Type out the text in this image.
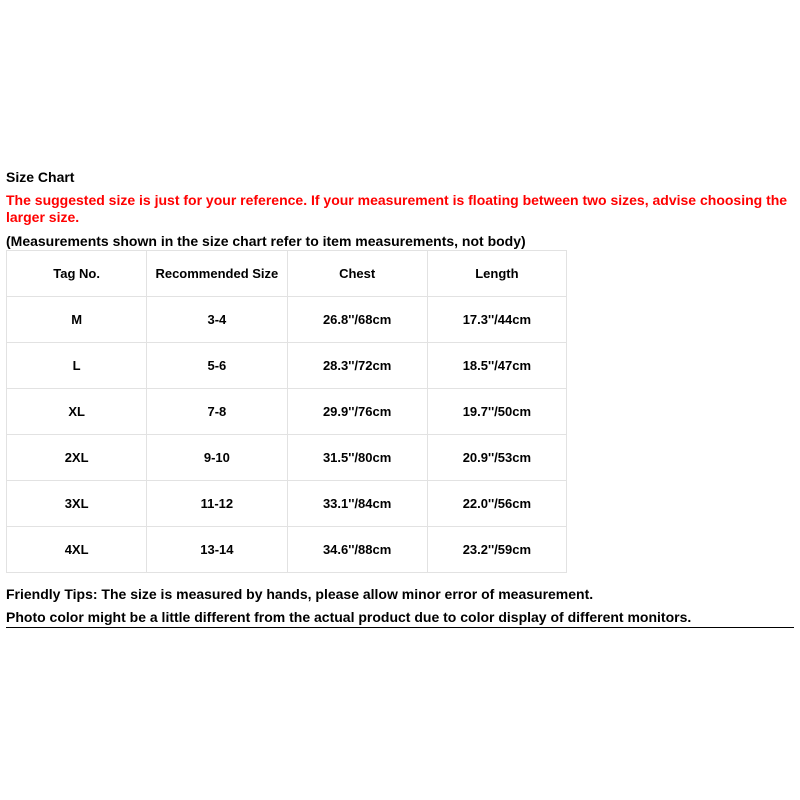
Size Chart
The suggested size is just for your reference. If your measurement is floating between two sizes, advise choosing the larger size.
(Measurements shown in the size chart refer to item measurements, not body)
Tag No.	Recommended Size	Chest	Length
M	3-4	26.8''/68cm	17.3''/44cm
L	5-6	28.3''/72cm	18.5''/47cm
XL	7-8	29.9''/76cm	19.7''/50cm
2XL	9-10	31.5''/80cm	20.9''/53cm
3XL	11-12	33.1''/84cm	22.0''/56cm
4XL	13-14	34.6''/88cm	23.2''/59cm
Friendly Tips: The size is measured by hands, please allow minor error of measurement.
Photo color might be a little different from the actual product due to color display of different monitors.
